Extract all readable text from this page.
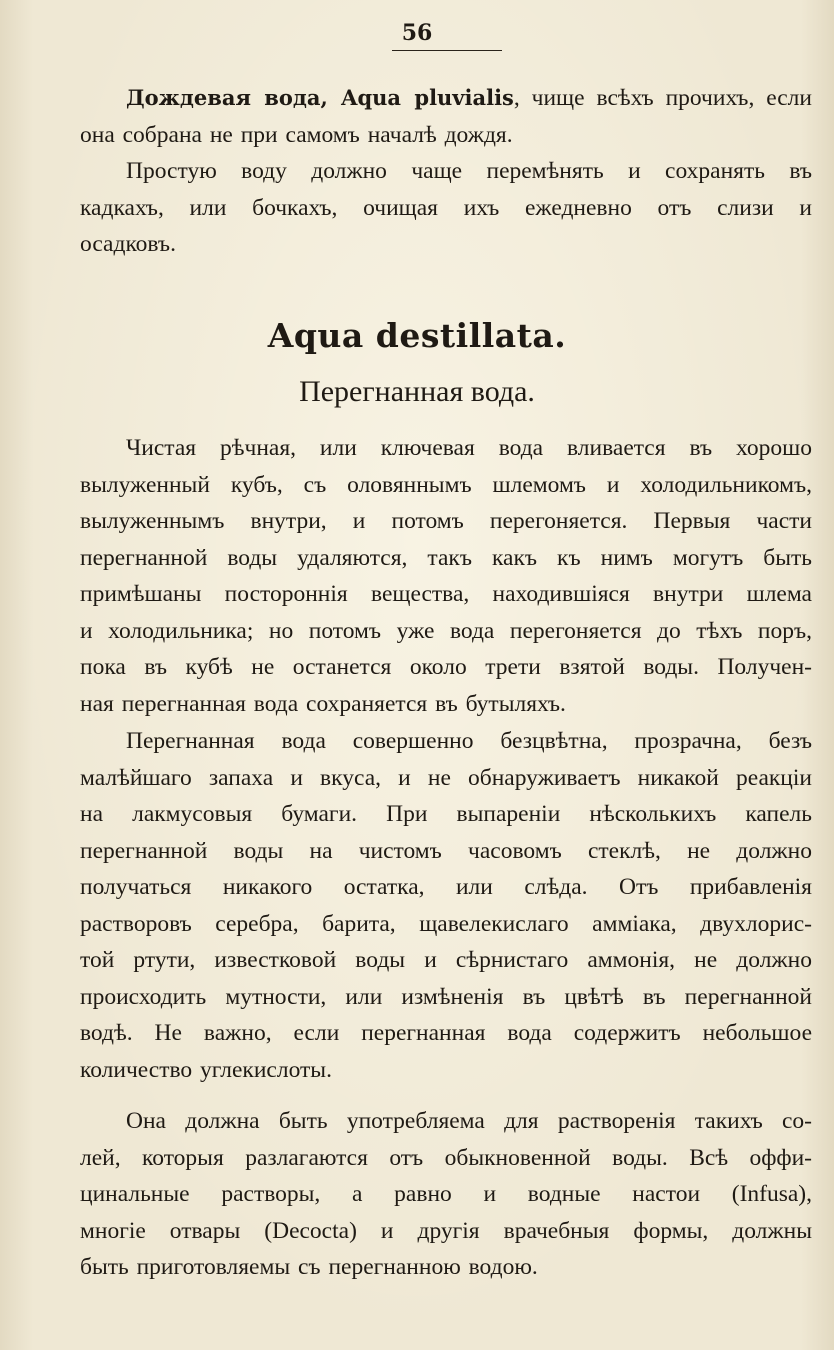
56

Дождевая вода, Aqua pluvialis, чище всѣхъ прочихъ, если
она собрана не при самомъ началѣ дождя.

Простую воду должно чаще перемѣнять и сохранять въ
кадкахъ, или бочкахъ, очищая ихъ ежедневно отъ слизи и
осадковъ.

Aqua destillata.
Перегнанная вода.

Чистая рѣчная, или ключевая вода вливается въ хорошо
вылуженный кубъ, съ оловяннымъ шлемомъ и холодильникомъ,
вылуженнымъ внутри, и потомъ перегоняется. Первыя части
перегнанной воды удаляются, такъ какъ къ нимъ могутъ быть
примѣшаны постороннія вещества, находившіяся внутри шлема
и холодильника; но потомъ уже вода перегоняется до тѣхъ поръ,
пока въ кубѣ не останется около трети взятой воды. Получен-
ная перегнанная вода сохраняется въ бутыляхъ.

Перегнанная вода совершенно безцвѣтна, прозрачна, безъ
малѣйшаго запаха и вкуса, и не обнаруживаетъ никакой реакціи
на лакмусовыя бумаги. При выпареніи нѣсколькихъ капель
перегнанной воды на чистомъ часовомъ стеклѣ, не должно
получаться никакого остатка, или слѣда. Отъ прибавленія
растворовъ серебра, барита, щавелекислаго амміака, двухлорис-
той ртути, известковой воды и сѣрнистаго аммонія, не должно
происходить мутности, или измѣненія въ цвѣтѣ въ перегнанной
водѣ. Не важно, если перегнанная вода содержитъ небольшое
количество углекислоты.

Она должна быть употребляема для растворенія такихъ со-
лей, которыя разлагаются отъ обыкновенной воды. Всѣ оффи-
цинальные растворы, а равно и водные настои (Infusa),
многіе отвары (Decocta) и другія врачебныя формы, должны
быть приготовляемы съ перегнанною водою.
